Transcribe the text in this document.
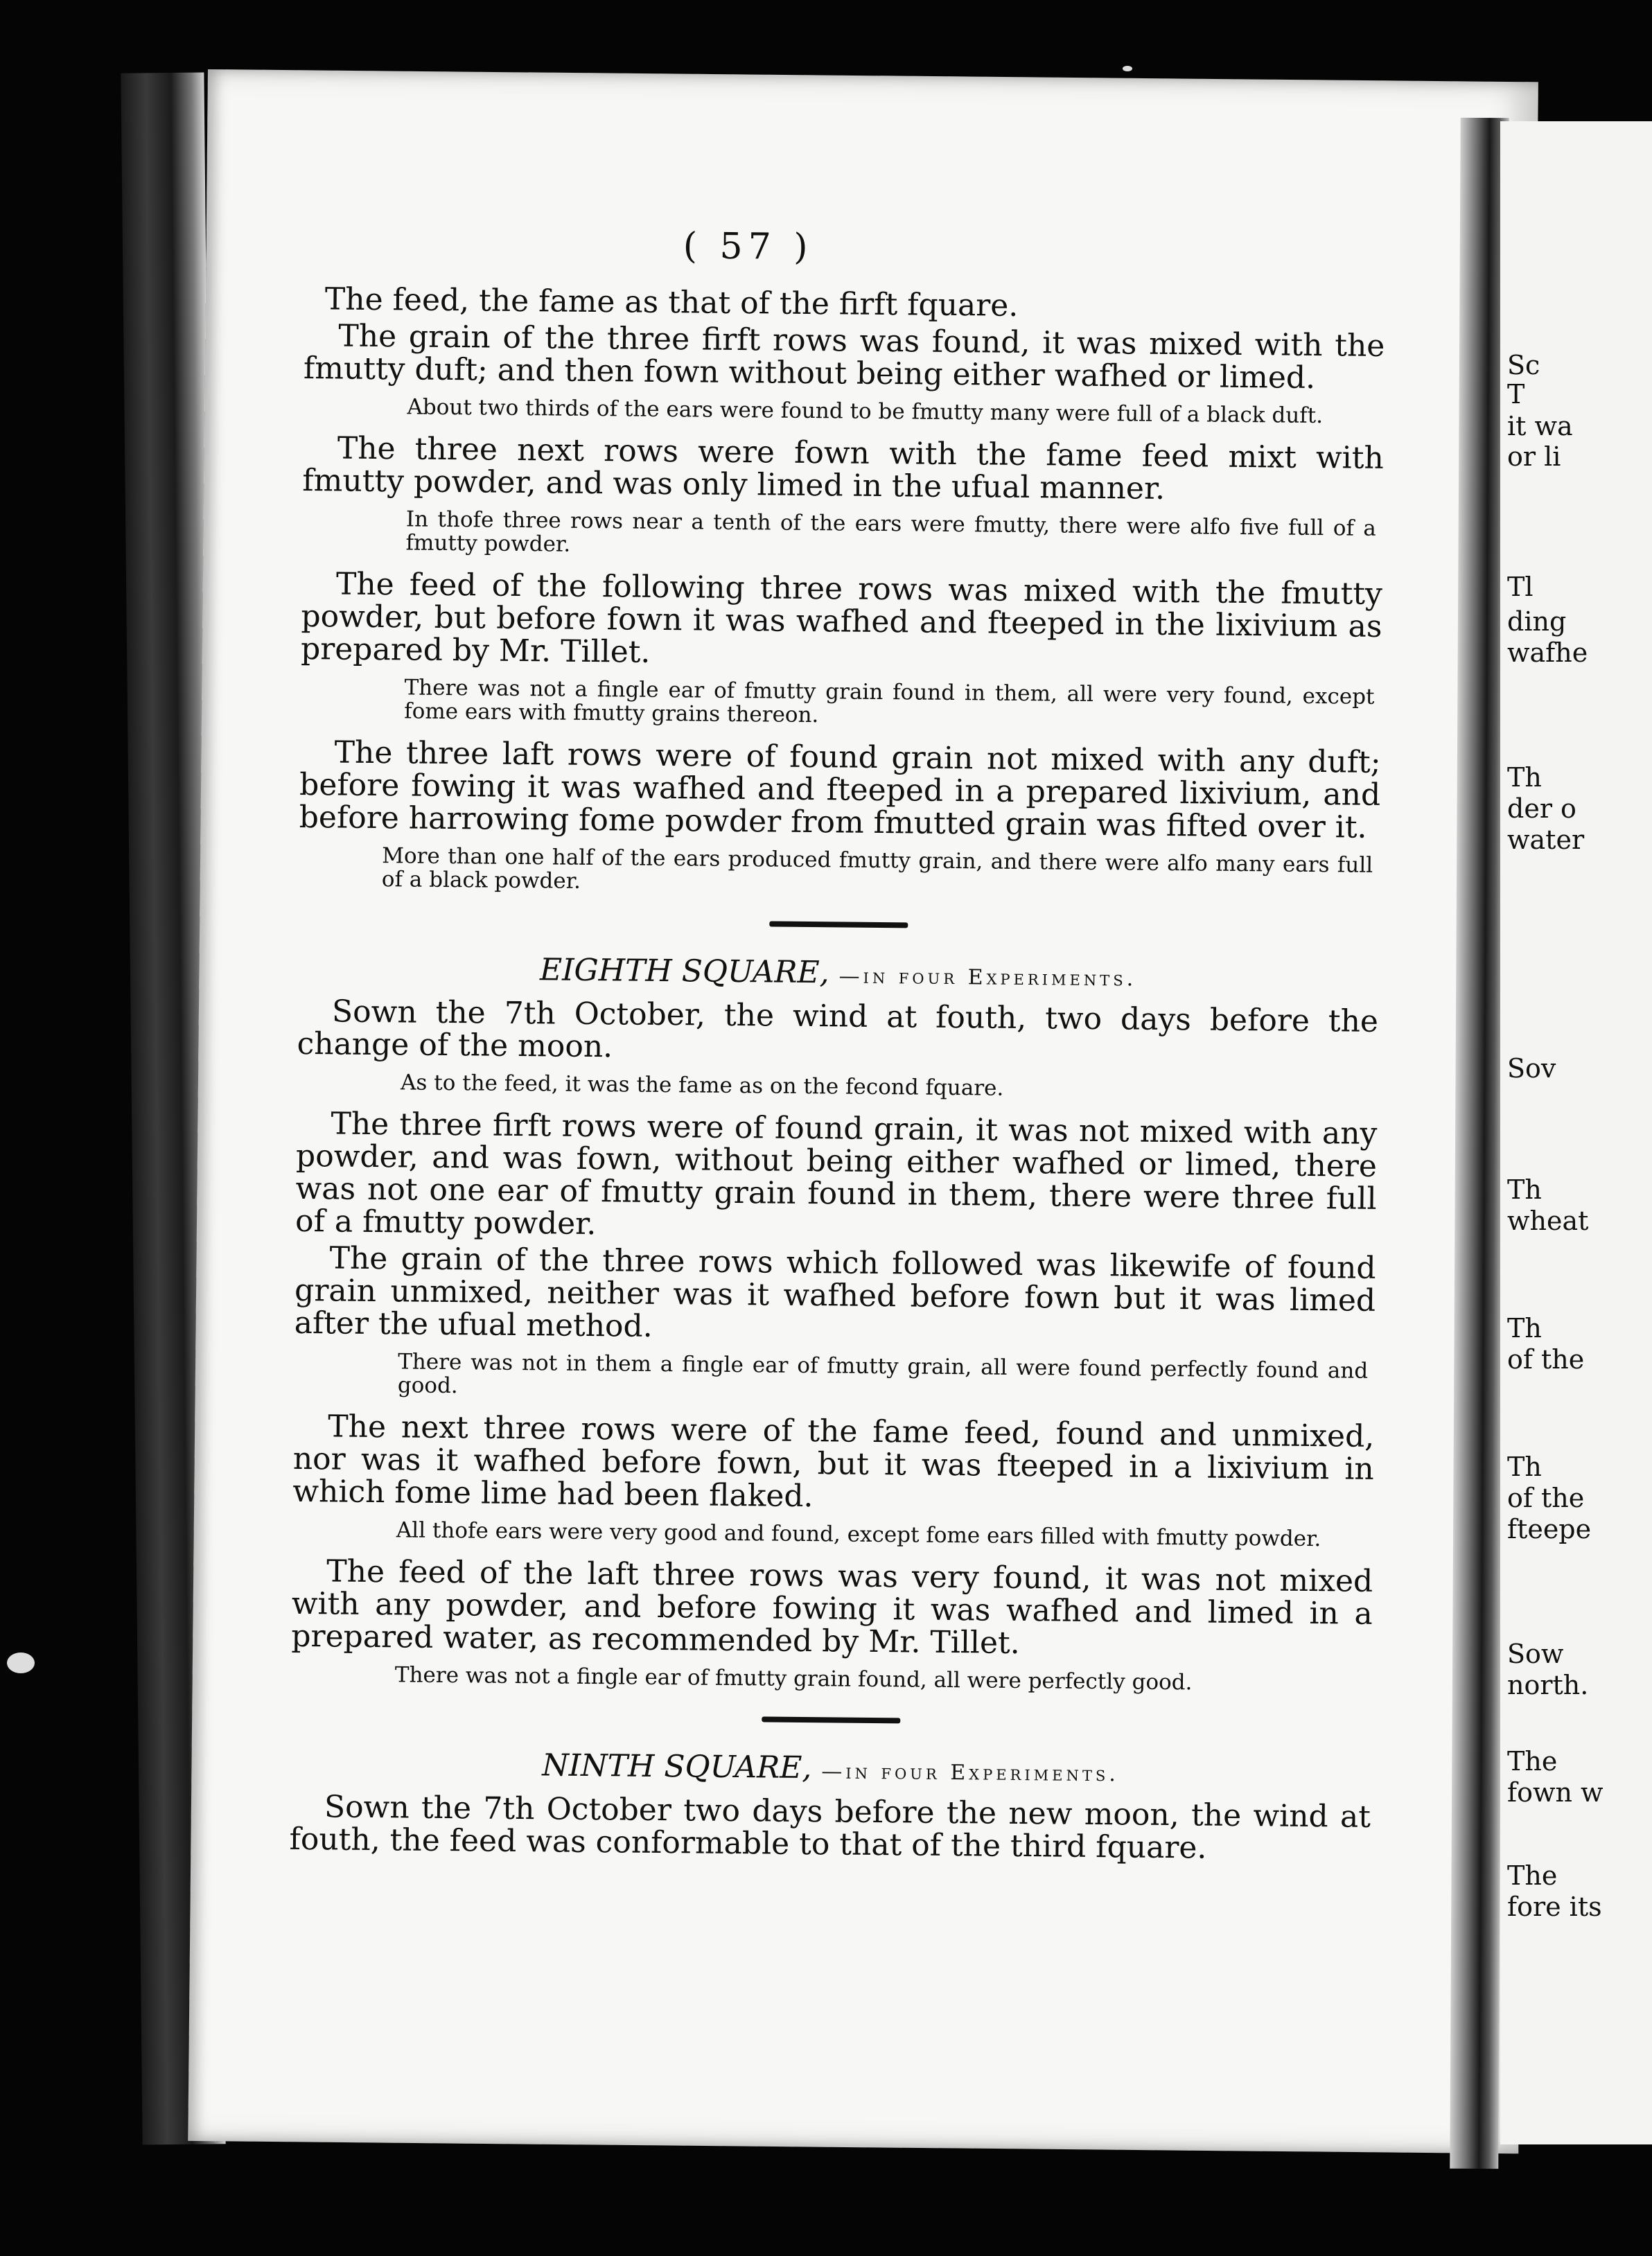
Sc
T
it wa
or li
Tl
ding
wafhe
Th
der o
water
Sov
Th
wheat
Th
of the
Th
of the
fteepe
Sow
north.
The
fown w
The
fore its
( 57 )

The feed, the fame as that of the firft fquare.

The grain of the three firft rows was found, it was mixed with the fmutty duft; and then fown without being either wafhed or limed.

About two thirds of the ears were found to be fmutty many were full of a black duft.

The three next rows were fown with the fame feed mixt with fmutty powder, and was only limed in the ufual manner.

In thofe three rows near a tenth of the ears were fmutty, there were alfo five full of a fmutty powder.

The feed of the following three rows was mixed with the fmutty powder, but before fown it was wafhed and fteeped in the lixivium as prepared by Mr. Tillet.

There was not a fingle ear of fmutty grain found in them, all were very found, except fome ears with fmutty grains thereon.

The three laft rows were of found grain not mixed with any duft; before fowing it was wafhed and fteeped in a prepared lixivium, and before harrowing fome powder from fmutted grain was fifted over it.

More than one half of the ears produced fmutty grain, and there were alfo many ears full of a black powder.

EIGHTH SQUARE, —in four Experiments.

Sown the 7th October, the wind at fouth, two days before the change of the moon.

As to the feed, it was the fame as on the fecond fquare.

The three firft rows were of found grain, it was not mixed with any powder, and was fown, without being either wafhed or limed, there was not one ear of fmutty grain found in them, there were three full of a fmutty powder.

The grain of the three rows which followed was likewife of found grain unmixed, neither was it wafhed before fown but it was limed after the ufual method.

There was not in them a fingle ear of fmutty grain, all were found perfectly found and good.

The next three rows were of the fame feed, found and unmixed, nor was it wafhed before fown, but it was fteeped in a lixivium in which fome lime had been flaked.

All thofe ears were very good and found, except fome ears filled with fmutty powder.

The feed of the laft three rows was very found, it was not mixed with any powder, and before fowing it was wafhed and limed in a prepared water, as recommended by Mr. Tillet.

There was not a fingle ear of fmutty grain found, all were perfectly good.

NINTH SQUARE, —in four Experiments.

Sown the 7th October two days before the new moon, the wind at fouth, the feed was conformable to that of the third fquare.
